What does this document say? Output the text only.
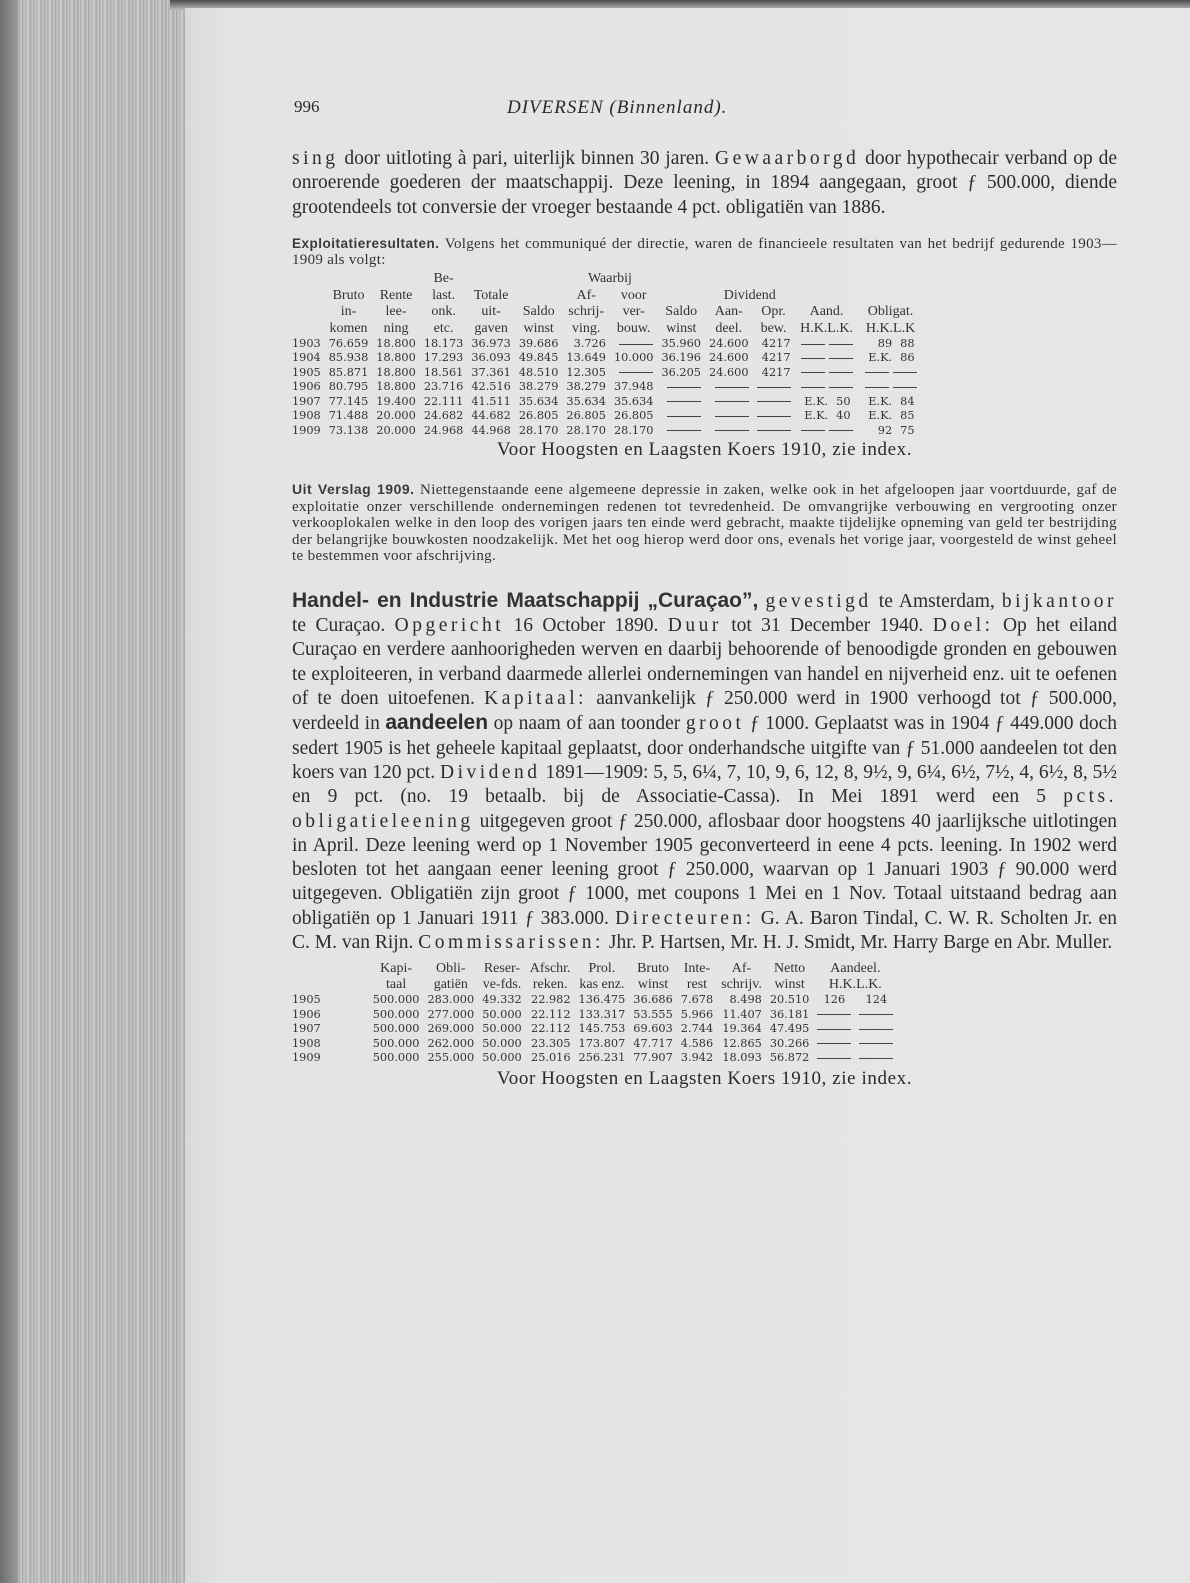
996	DIVERSEN (Binnenland).

sing door uitloting à pari, uiterlijk binnen 30 jaren. Gewaarborgd door hypothecair verband op de onroerende goederen der maatschappij. Deze leening, in 1894 aangegaan, groot ƒ 500.000, diende grootendeels tot conversie der vroeger bestaande 4 pct. obligatiën van 1886.

Exploitatieresultaten. Volgens het communiqué der directie, waren de financieele resultaten van het bedrijf gedurende 1903—1909 als volgt:

			Be-			Waarbij						
	Bruto	Rente	last.	Totale		Af-	voor		Dividend			
	in-	lee-	onk.	uit-	Saldo	schrij-	ver-	Saldo	Aan-	Opr.	Aand.	Obligat.
	komen	ning	etc.	gaven	winst	ving.	bouw.	winst	deel.	bew.	H.K.L.K.	H.K.L.K
1903	76.659	18.800	18.173	36.973	39.686	3.726		35.960	24.600	4217		89 88
1904	85.938	18.800	17.293	36.093	49.845	13.649	10.000	36.196	24.600	4217		E.K. 86
1905	85.871	18.800	18.561	37.361	48.510	12.305		36.205	24.600	4217		
1906	80.795	18.800	23.716	42.516	38.279	38.279	37.948					
1907	77.145	19.400	22.111	41.511	35.634	35.634	35.634				E.K. 50	E.K. 84
1908	71.488	20.000	24.682	44.682	26.805	26.805	26.805				E.K. 40	E.K. 85
1909	73.138	20.000	24.968	44.968	28.170	28.170	28.170					92 75
Voor Hoogsten en Laagsten Koers 1910, zie index.

Uit Verslag 1909. Niettegenstaande eene algemeene depressie in zaken, welke ook in het afgeloopen jaar voortduurde, gaf de exploitatie onzer verschillende ondernemingen redenen tot tevredenheid. De omvangrijke verbouwing en vergrooting onzer verkooplokalen welke in den loop des vorigen jaars ten einde werd gebracht, maakte tijdelijke opneming van geld ter bestrijding der belangrijke bouwkosten noodzakelijk. Met het oog hierop werd door ons, evenals het vorige jaar, voorgesteld de winst geheel te bestemmen voor afschrijving.

Handel- en Industrie Maatschappij „Curaçao”, gevestigd te Amsterdam, bijkantoor te Curaçao. Opgericht 16 October 1890. Duur tot 31 December 1940. Doel: Op het eiland Curaçao en verdere aanhoorigheden werven en daarbij behoorende of benoodigde gronden en gebouwen te exploiteeren, in verband daarmede allerlei ondernemingen van handel en nijverheid enz. uit te oefenen of te doen uitoefenen. Kapitaal: aanvankelijk ƒ 250.000 werd in 1900 verhoogd tot ƒ 500.000, verdeeld in aandeelen op naam of aan toonder groot ƒ 1000. Geplaatst was in 1904 ƒ 449.000 doch sedert 1905 is het geheele kapitaal geplaatst, door onderhandsche uitgifte van ƒ 51.000 aandeelen tot den koers van 120 pct. Dividend 1891—1909: 5, 5, 6¼, 7, 10, 9, 6, 12, 8, 9½, 9, 6¼, 6½, 7½, 4, 6½, 8, 5½ en 9 pct. (no. 19 betaalb. bij de Associatie-Cassa). In Mei 1891 werd een 5 pcts. obligatieleening uitgegeven groot ƒ 250.000, aflosbaar door hoogstens 40 jaarlijksche uitlotingen in April. Deze leening werd op 1 November 1905 geconverteerd in eene 4 pcts. leening. In 1902 werd besloten tot het aangaan eener leening groot ƒ 250.000, waarvan op 1 Januari 1903 ƒ 90.000 werd uitgegeven. Obligatiën zijn groot ƒ 1000, met coupons 1 Mei en 1 Nov. Totaal uitstaand bedrag aan obligatiën op 1 Januari 1911 ƒ 383.000. Directeuren: G. A. Baron Tindal, C. W. R. Scholten Jr. en C. M. van Rijn. Commissarissen: Jhr. P. Hartsen, Mr. H. J. Smidt, Mr. Harry Barge en Abr. Muller.

	Kapi-	Obli-	Reser-	Afschr.	Prol.	Bruto	Inte-	Af-	Netto	Aandeel.	
	taal	gatiën	ve-fds.	reken.	kas enz.	winst	rest	schrijv.	winst	H.K.L.K.	
1905	500.000	283.000	49.332	22.982	136.475	36.686	7.678	8.498	20.510	126	124
1906	500.000	277.000	50.000	22.112	133.317	53.555	5.966	11.407	36.181		
1907	500.000	269.000	50.000	22.112	145.753	69.603	2.744	19.364	47.495		
1908	500.000	262.000	50.000	23.305	173.807	47.717	4.586	12.865	30.266		
1909	500.000	255.000	50.000	25.016	256.231	77.907	3.942	18.093	56.872		
Voor Hoogsten en Laagsten Koers 1910, zie index.
